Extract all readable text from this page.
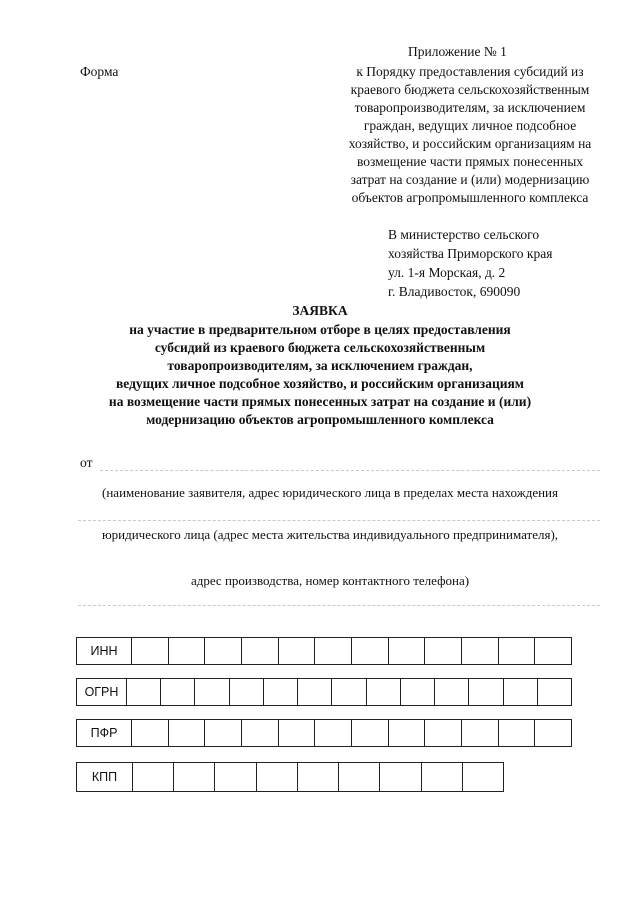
Форма
Приложение № 1
к Порядку предоставления субсидий из
краевого бюджета сельскохозяйственным
товаропроизводителям, за исключением
граждан, ведущих личное подсобное
хозяйство, и российским организациям на
возмещение части прямых понесенных
затрат на создание и (или) модернизацию
объектов агропромышленного комплекса
В министерство сельского
хозяйства Приморского края
ул. 1-я Морская, д. 2
г. Владивосток, 690090
ЗАЯВКА
на участие в предварительном отборе в целях предоставления
субсидий из краевого бюджета сельскохозяйственным
товаропроизводителям, за исключением граждан,
ведущих личное подсобное хозяйство, и российским организациям
на возмещение части прямых понесенных затрат на создание и (или)
модернизацию объектов агропромышленного комплекса
от
(наименование заявителя, адрес юридического лица в пределах места нахождения
юридического лица (адрес места жительства индивидуального предпринимателя),
адрес производства, номер контактного телефона)
ИНН
ОГРН
ПФР
КПП
